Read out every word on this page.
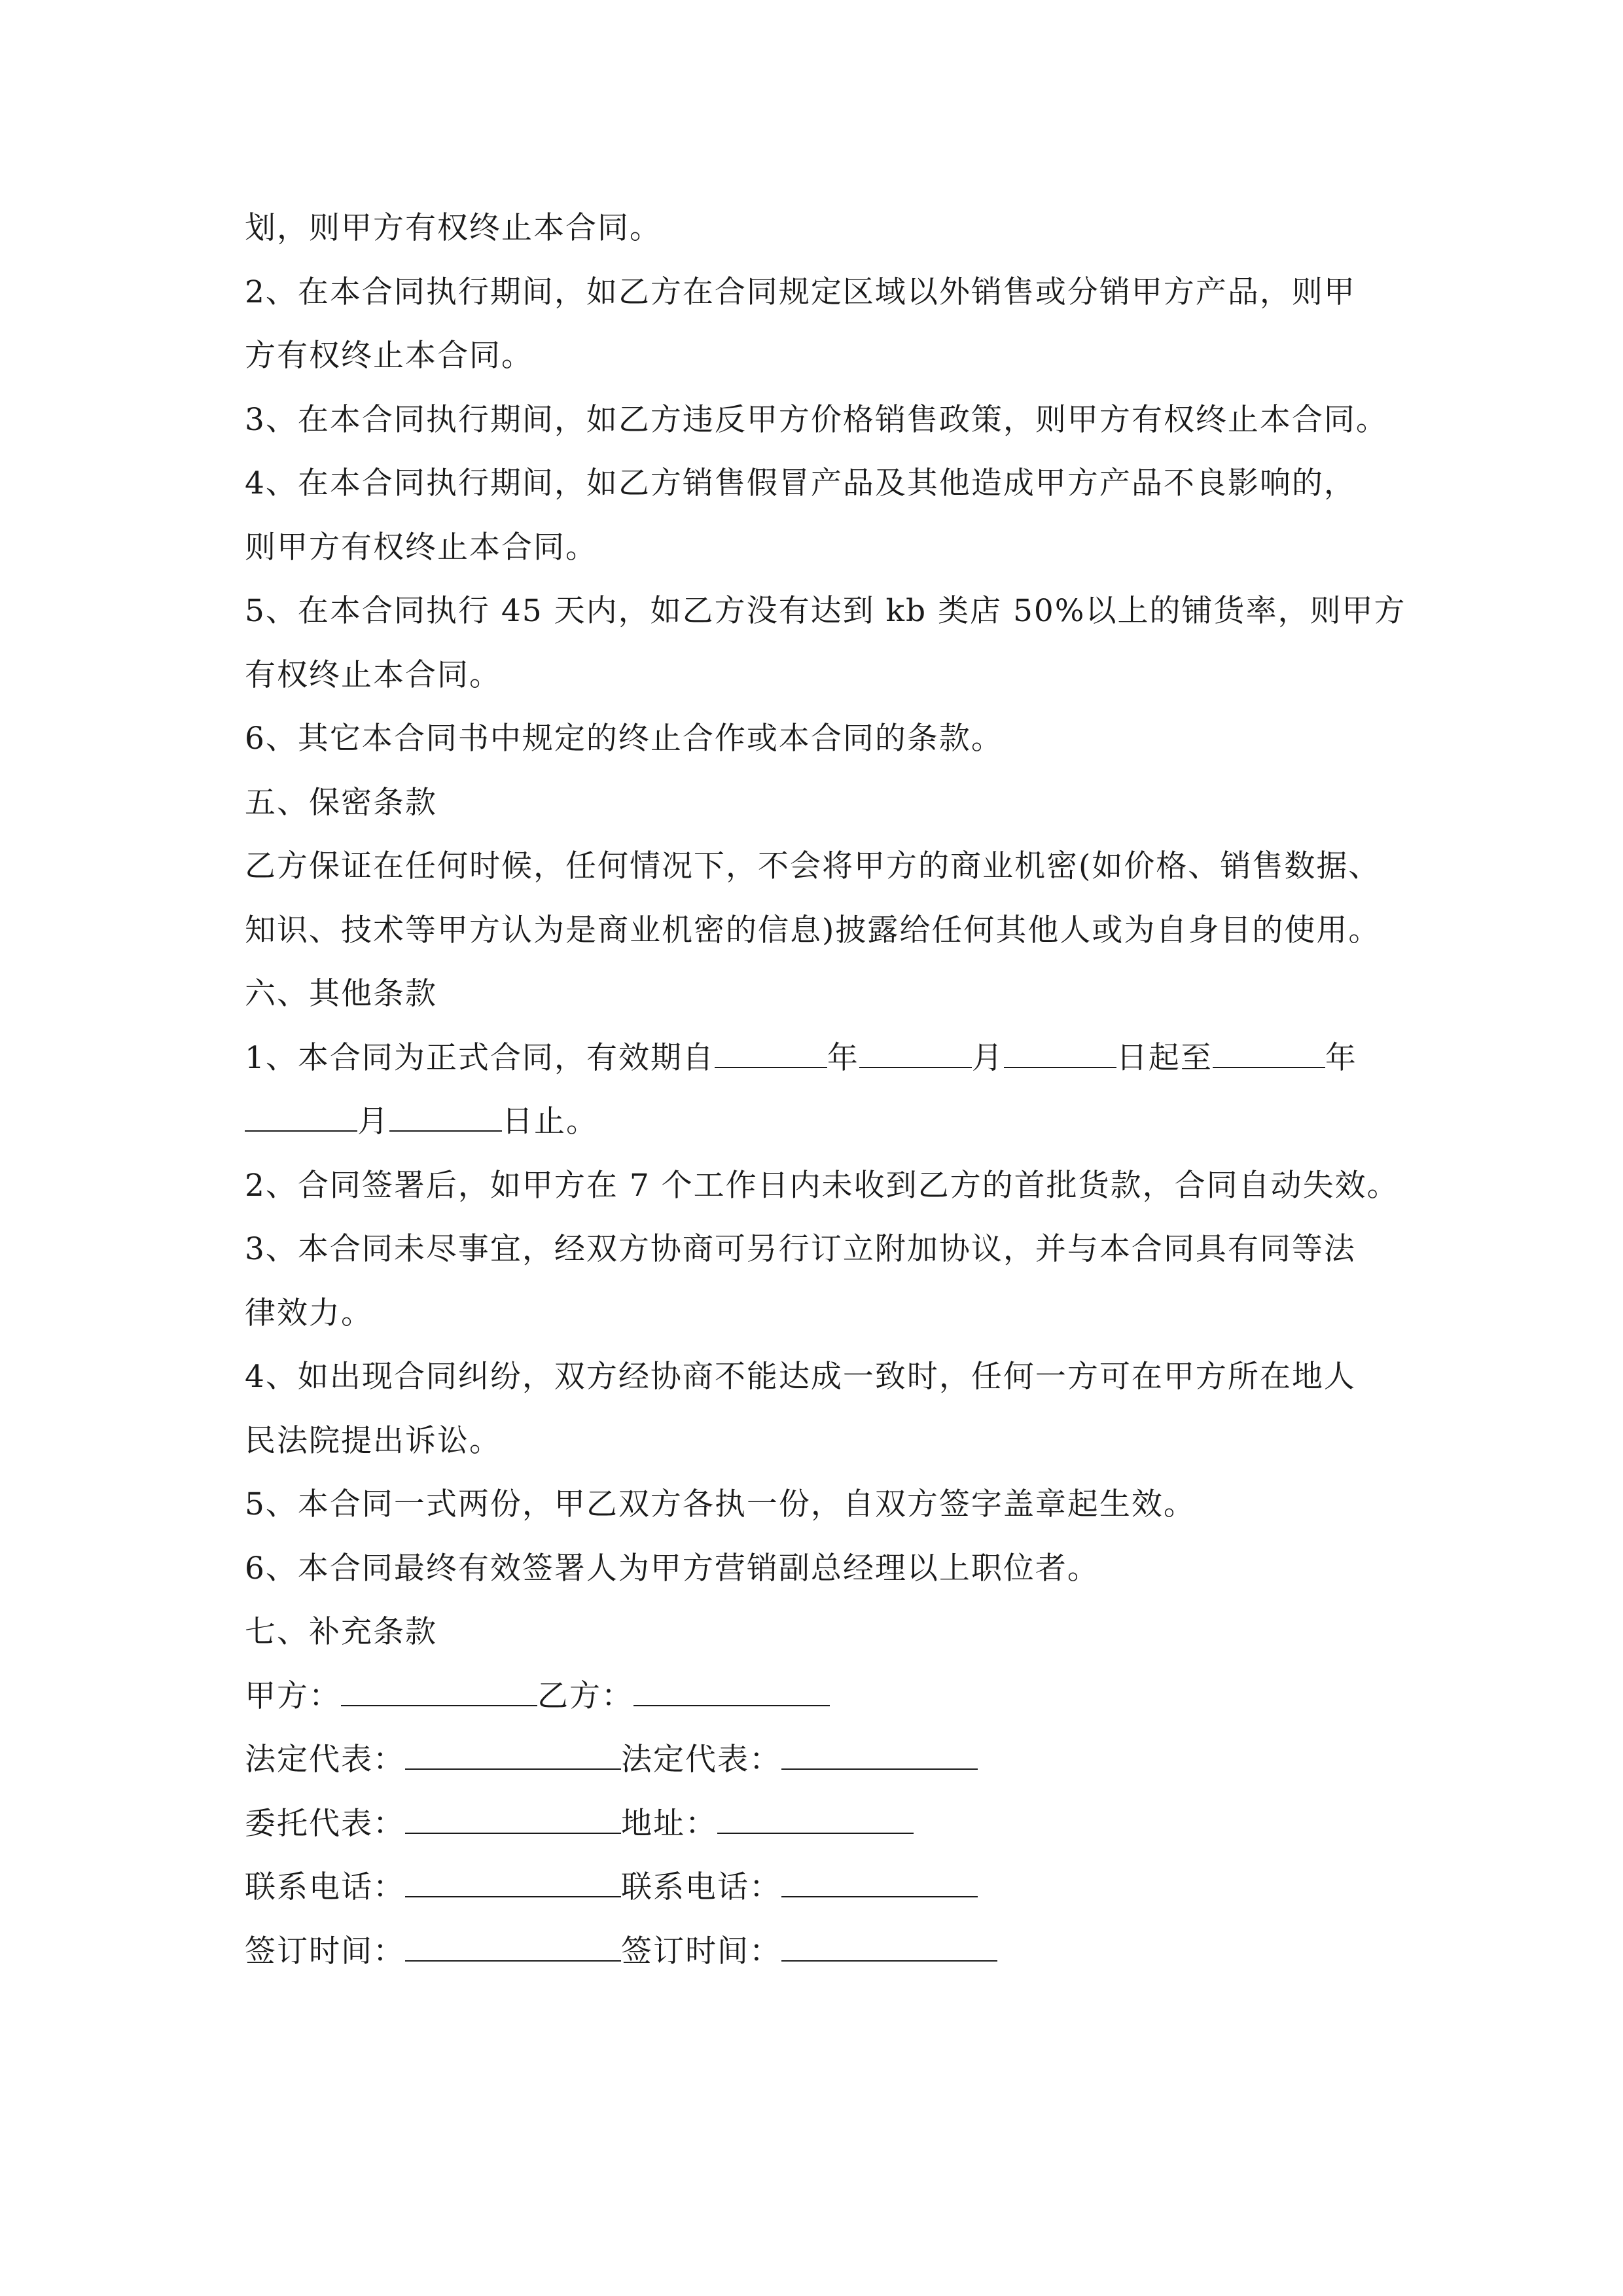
划，则甲方有权终止本合同。
2、在本合同执行期间，如乙方在合同规定区域以外销售或分销甲方产品，则甲
方有权终止本合同。
3、在本合同执行期间，如乙方违反甲方价格销售政策，则甲方有权终止本合同。
4、在本合同执行期间，如乙方销售假冒产品及其他造成甲方产品不良影响的，
则甲方有权终止本合同。
5、在本合同执行 45 天内，如乙方没有达到 kb 类店 50%以上的铺货率，则甲方
有权终止本合同。
6、其它本合同书中规定的终止合作或本合同的条款。
五、保密条款
乙方保证在任何时候，任何情况下，不会将甲方的商业机密(如价格、销售数据、
知识、技术等甲方认为是商业机密的信息)披露给任何其他人或为自身目的使用。
六、其他条款
1、本合同为正式合同，有效期自	年	月	日起至	年
月	日止。
2、合同签署后，如甲方在 7 个工作日内未收到乙方的首批货款，合同自动失效。
3、本合同未尽事宜，经双方协商可另行订立附加协议，并与本合同具有同等法
律效力。
4、如出现合同纠纷，双方经协商不能达成一致时，任何一方可在甲方所在地人
民法院提出诉讼。
5、本合同一式两份，甲乙双方各执一份，自双方签字盖章起生效。
6、本合同最终有效签署人为甲方营销副总经理以上职位者。
七、补充条款
甲方：	乙方：
法定代表：	法定代表：
委托代表：	地址：
联系电话：	联系电话：
签订时间：	签订时间：
